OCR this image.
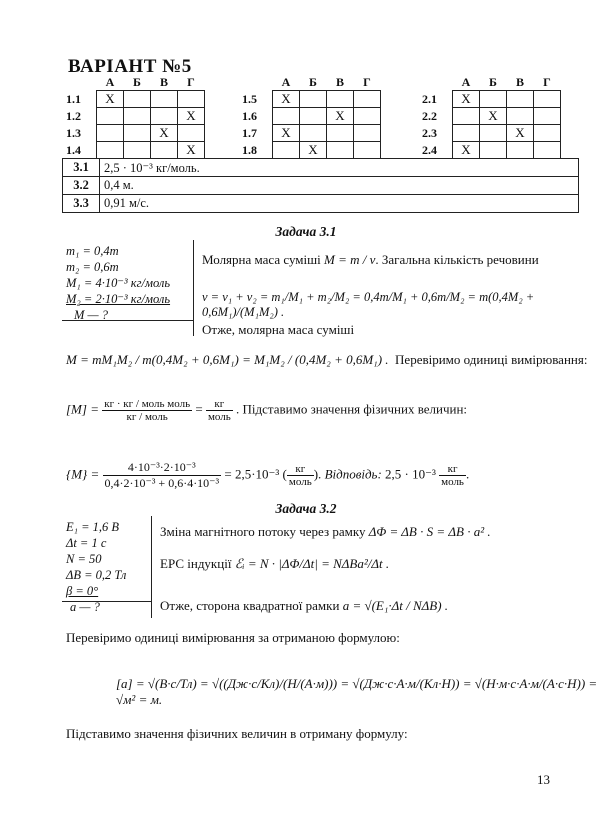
ВАРІАНТ №5
	А	Б	В	Г
1.1	X			
1.2				X
1.3			X	
1.4				X
	А	Б	В	Г
1.5	X			
1.6			X	
1.7	X			
1.8		X		
	А	Б	В	Г
2.1	X			
2.2		X		
2.3			X	
2.4	X			
3.1	2,5 · 10⁻³ кг/моль.
3.2	0,4 м.
3.3	0,91 м/с.
Задача 3.1
m₁ = 0,4m
m₂ = 0,6m
M₁ = 4·10⁻³ кг/моль
M₂ = 2·10⁻³ кг/моль
M — ?
Молярна маса суміші M = m / ν. Загальна кількість речовини
ν = ν₁ + ν₂ = m₁/M₁ + m₂/M₂ = 0,4m/M₁ + 0,6m/M₂ = m(0,4M₂ + 0,6M₁)/(M₁M₂) .
Отже, молярна маса суміші
M = mM₁M₂ / m(0,4M₂ + 0,6M₁) = M₁M₂ / (0,4M₂ + 0,6M₁) . Перевіримо одиниці вимірювання:
$[M] = \frac{\text{кг · кг / моль моль}}{\text{кг / моль}} = \frac{кг}{\text{моль}}$ . Підставимо значення фізичних величин:
$\{M\} = \frac{\text{4·10⁻³·2·10⁻³}}{\text{0,4·2·10⁻³ + 0,6·4·10⁻³}} = 2,5\cdot 10^{-3}$ ( $\frac{кг}{\text{моль}}$ ). Відповідь: $2,5 \cdot 10^{-3} \frac{кг}{\text{моль}}$ .
Задача 3.2
E₁ = 1,6 В
Δt = 1 с
N = 50
ΔB = 0,2 Тл
β = 0°
a — ?
Зміна магнітного потоку через рамку ΔΦ = ΔB · S = ΔB · a² .
ЕРС індукції ℰᵢ = N · |ΔΦ/Δt| = NΔBa²/Δt .
Отже, сторона квадратної рамки a = √(E₁·Δt / NΔB) .
Перевіримо одиниці вимірювання за отриманою формулою:
[a] = √(В·с/Тл) = √((Дж·с/Кл)/(Н/(А·м))) = √(Дж·с·А·м/(Кл·Н)) = √(Н·м·с·А·м/(А·с·Н)) = √м² = м.
Підставимо значення фізичних величин в отриману формулу:
13
